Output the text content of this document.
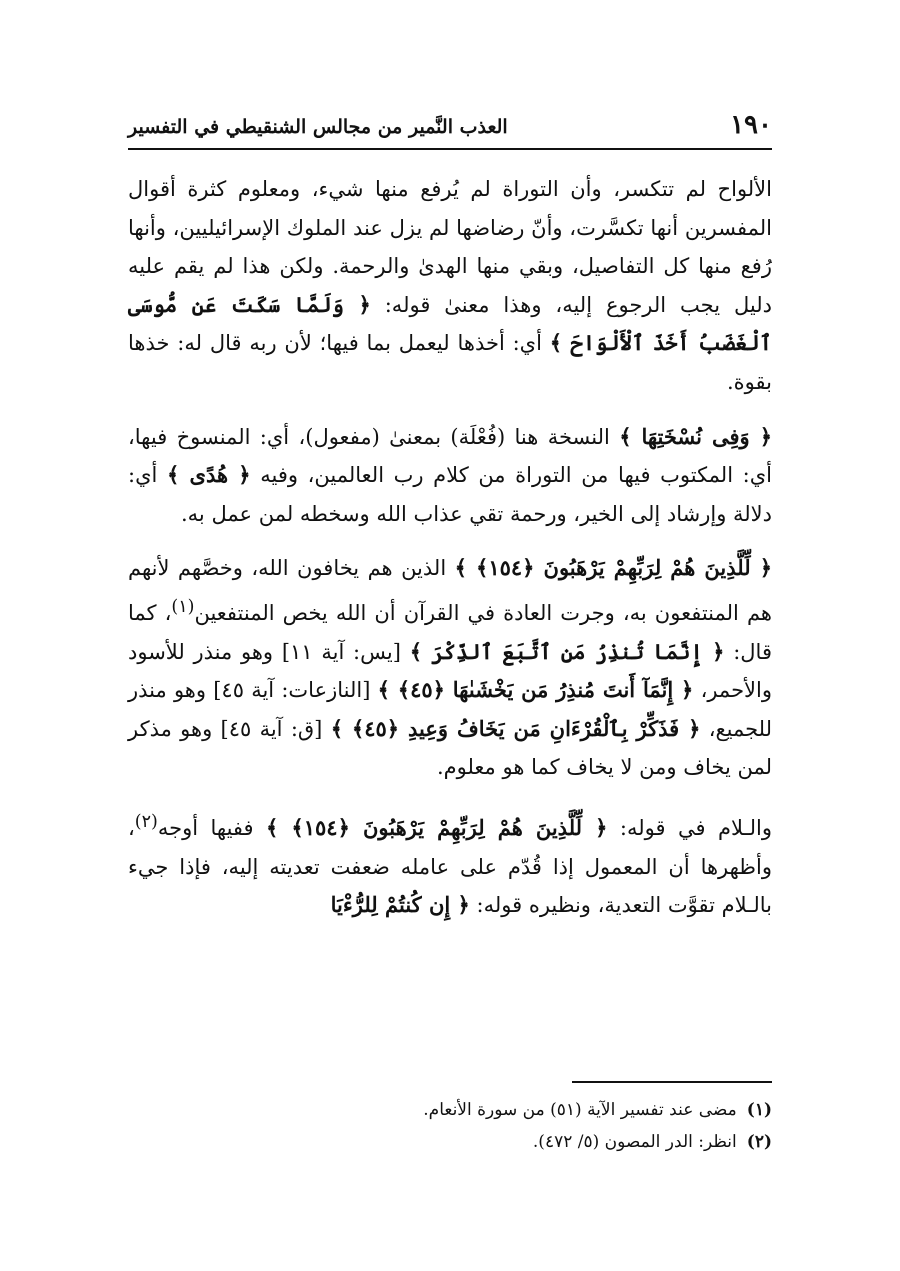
١٩٠
العذب النَّمير من مجالس الشنقيطي في التفسير

الألواح لم تتكسر، وأن التوراة لم يُرفع منها شيء، ومعلوم كثرة أقوال المفسرين أنها تكسَّرت، وأنّ رضاضها لم يزل عند الملوك الإسرائيليين، وأنها رُفع منها كل التفاصيل، وبقي منها الهدىٰ والرحمة. ولكن هذا لم يقم عليه دليل يجب الرجوع إليه، وهذا معنىٰ قوله: ﴿ وَلَمَّا سَكَتَ عَن مُّوسَى ٱلْغَضَبُ أَخَذَ ٱلْأَلْوَاحَ ﴾ أي: أخذها ليعمل بما فيها؛ لأن ربه قال له: خذها بقوة.

﴿ وَفِى نُسْخَتِهَا ﴾ النسخة هنا (فُعْلَة) بمعنىٰ (مفعول)، أي: المنسوخ فيها، أي: المكتوب فيها من التوراة من كلام رب العالمين، وفيه ﴿ هُدًى ﴾ أي: دلالة وإرشاد إلى الخير، ورحمة تقي عذاب الله وسخطه لمن عمل به.

﴿ لِّلَّذِينَ هُمْ لِرَبِّهِمْ يَرْهَبُونَ ﴿١٥٤﴾ ﴾ الذين هم يخافون الله، وخصَّهم لأنهم هم المنتفعون به، وجرت العادة في القرآن أن الله يخص المنتفعين$^{(١)}$، كما قال: ﴿ إِنَّمَا تُنذِرُ مَنِ ٱتَّبَعَ ٱلذِّكْرَ ﴾ [يس: آية ١١] وهو منذر للأسود والأحمر، ﴿ إِنَّمَآ أَنتَ مُنذِرُ مَن يَخْشَىٰهَا ﴿٤٥﴾ ﴾ [النازعات: آية ٤٥] وهو منذر للجميع، ﴿ فَذَكِّرْ بِٱلْقُرْءَانِ مَن يَخَافُ وَعِيدِ ﴿٤٥﴾ ﴾ [ق: آية ٤٥] وهو مذكر لمن يخاف ومن لا يخاف كما هو معلوم.

والـلام في قوله: ﴿ لِّلَّذِينَ هُمْ لِرَبِّهِمْ يَرْهَبُونَ ﴿١٥٤﴾ ﴾ ففيها أوجه$^{(٢)}$، وأظهرها أن المعمول إذا قُدّم على عامله ضعفت تعديته إليه، فإذا جيء بالـلام تقوَّت التعدية، ونظيره قوله: ﴿ إِن كُنتُمْ لِلرُّءْيَا

(١)مضى عند تفسير الآية (٥١) من سورة الأنعام.
(٢)انظر: الدر المصون (٥/ ٤٧٢).
